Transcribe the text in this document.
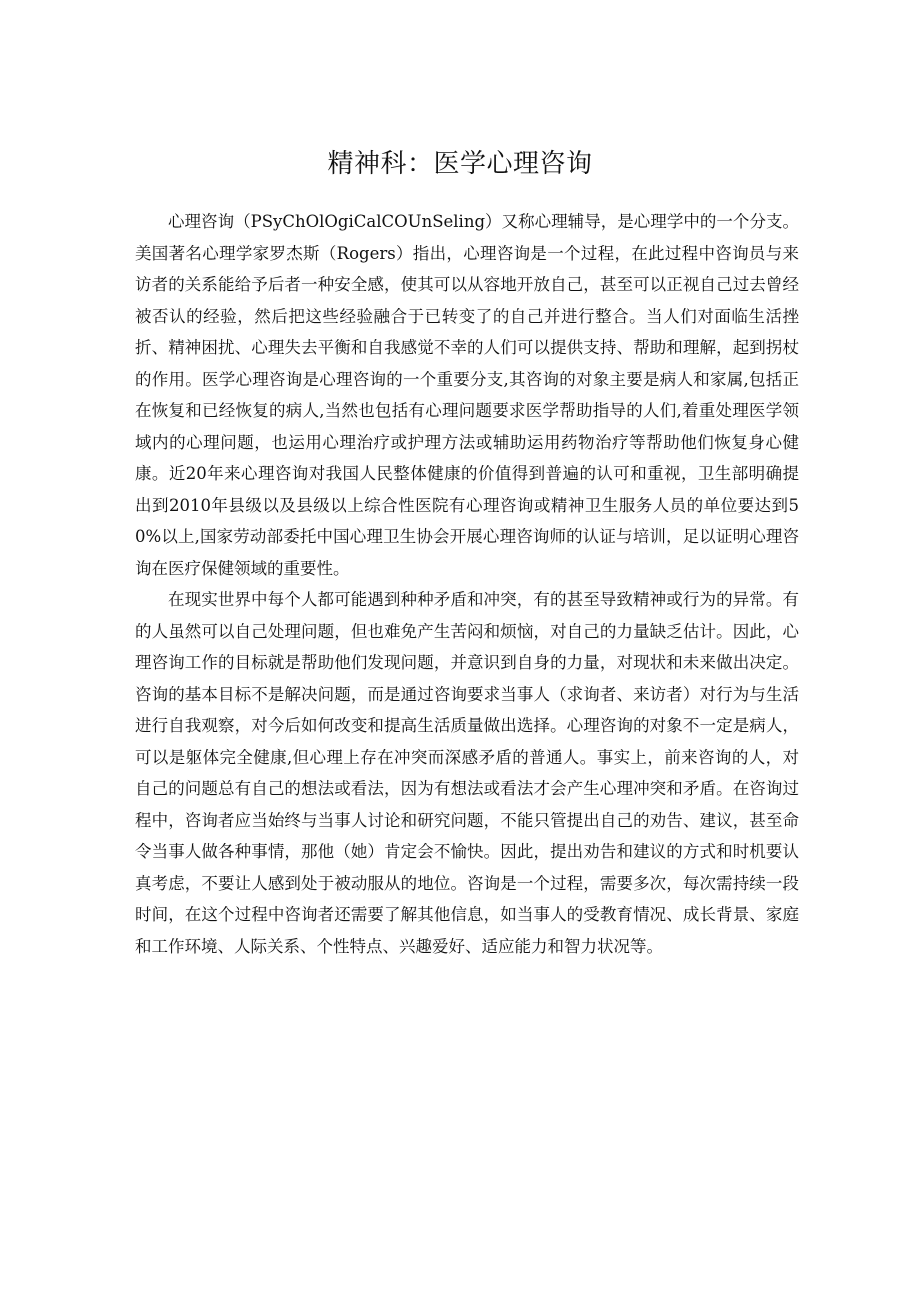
精神科：医学心理咨询

心理咨询（PSyChOlOgiCalCOUnSeling）又称心理辅导，是心理学中的一个分支。美国著名心理学家罗杰斯（Rogers）指出，心理咨询是一个过程，在此过程中咨询员与来访者的关系能给予后者一种安全感，使其可以从容地开放自己，甚至可以正视自己过去曾经被否认的经验，然后把这些经验融合于已转变了的自己并进行整合。当人们对面临生活挫折、精神困扰、心理失去平衡和自我感觉不幸的人们可以提供支持、帮助和理解，起到拐杖的作用。医学心理咨询是心理咨询的一个重要分支,其咨询的对象主要是病人和家属,包括正在恢复和已经恢复的病人,当然也包括有心理问题要求医学帮助指导的人们,着重处理医学领域内的心理问题，也运用心理治疗或护理方法或辅助运用药物治疗等帮助他们恢复身心健康。近20年来心理咨询对我国人民整体健康的价值得到普遍的认可和重视，卫生部明确提出到2010年县级以及县级以上综合性医院有心理咨询或精神卫生服务人员的单位要达到50%以上,国家劳动部委托中国心理卫生协会开展心理咨询师的认证与培训，足以证明心理咨询在医疗保健领域的重要性。

在现实世界中每个人都可能遇到种种矛盾和冲突，有的甚至导致精神或行为的异常。有的人虽然可以自己处理问题，但也难免产生苦闷和烦恼，对自己的力量缺乏估计。因此，心理咨询工作的目标就是帮助他们发现问题，并意识到自身的力量，对现状和未来做出决定。咨询的基本目标不是解决问题，而是通过咨询要求当事人（求询者、来访者）对行为与生活进行自我观察，对今后如何改变和提高生活质量做出选择。心理咨询的对象不一定是病人，可以是躯体完全健康,但心理上存在冲突而深感矛盾的普通人。事实上，前来咨询的人，对自己的问题总有自己的想法或看法，因为有想法或看法才会产生心理冲突和矛盾。在咨询过程中，咨询者应当始终与当事人讨论和研究问题，不能只管提出自己的劝告、建议，甚至命令当事人做各种事情，那他（她）肯定会不愉快。因此，提出劝告和建议的方式和时机要认真考虑，不要让人感到处于被动服从的地位。咨询是一个过程，需要多次，每次需持续一段时间，在这个过程中咨询者还需要了解其他信息，如当事人的受教育情况、成长背景、家庭和工作环境、人际关系、个性特点、兴趣爱好、适应能力和智力状况等。
